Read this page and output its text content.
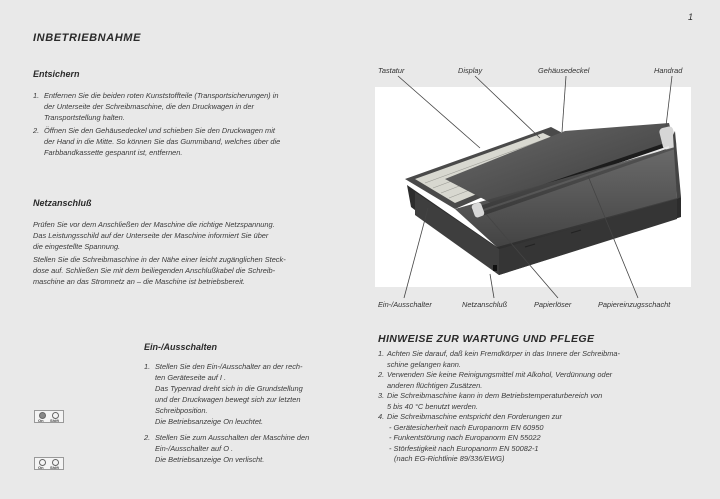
1
INBETRIEBNAHME
Entsichern
1. Entfernen Sie die beiden roten Kunststoffteile (Transportsicherungen) in
der Unterseite der Schreibmaschine, die den Druckwagen in der
Transportstellung halten.
2. Öffnen Sie den Gehäusedeckel und schieben Sie den Druckwagen mit
der Hand in die Mitte. So können Sie das Gummiband, welches über die
Farbbandkassette gespannt ist, entfernen.
Netzanschluß
Prüfen Sie vor dem Anschließen der Maschine die richtige Netzspannung.
Das Leistungsschild auf der Unterseite der Maschine informiert Sie über
die eingestellte Spannung.
Stellen Sie die Schreibmaschine in der Nähe einer leicht zugänglichen Steck-
dose auf. Schließen Sie mit dem beiliegenden Anschlußkabel die Schreib-
maschine an das Stromnetz an – die Maschine ist betriebsbereit.
Ein-/Ausschalten
1. Stellen Sie den Ein-/Ausschalter an der rech-
ten Geräteseite auf I .
Das Typenrad dreht sich in die Grundstellung
und der Druckwagen bewegt sich zur letzten
Schreibposition.
Die Betriebsanzeige On leuchtet.
2. Stellen Sie zum Ausschalten der Maschine den
Ein-/Ausschalter auf O .
Die Betriebsanzeige On verlischt.
On Shift
On Shift
Tastatur	Display	Gehäusedeckel	Handrad
Ein-/Ausschalter	Netzanschluß	Papierlöser	Papiereinzugsschacht
HINWEISE ZUR WARTUNG UND PFLEGE
1. Achten Sie darauf, daß kein Fremdkörper in das Innere der Schreibma-
schine gelangen kann.
2. Verwenden Sie keine Reinigungsmittel mit Alkohol, Verdünnung oder
anderen flüchtigen Zusätzen.
3. Die Schreibmaschine kann in dem Betriebstemperaturbereich von
5 bis 40 °C benutzt werden.
4. Die Schreibmaschine entspricht den Forderungen zur
- Gerätesicherheit nach Europanorm EN 60950
- Funkentstörung nach Europanorm EN 55022
- Störfestigkeit nach Europanorm EN 50082-1
(nach EG-Richtlinie 89/336/EWG)
